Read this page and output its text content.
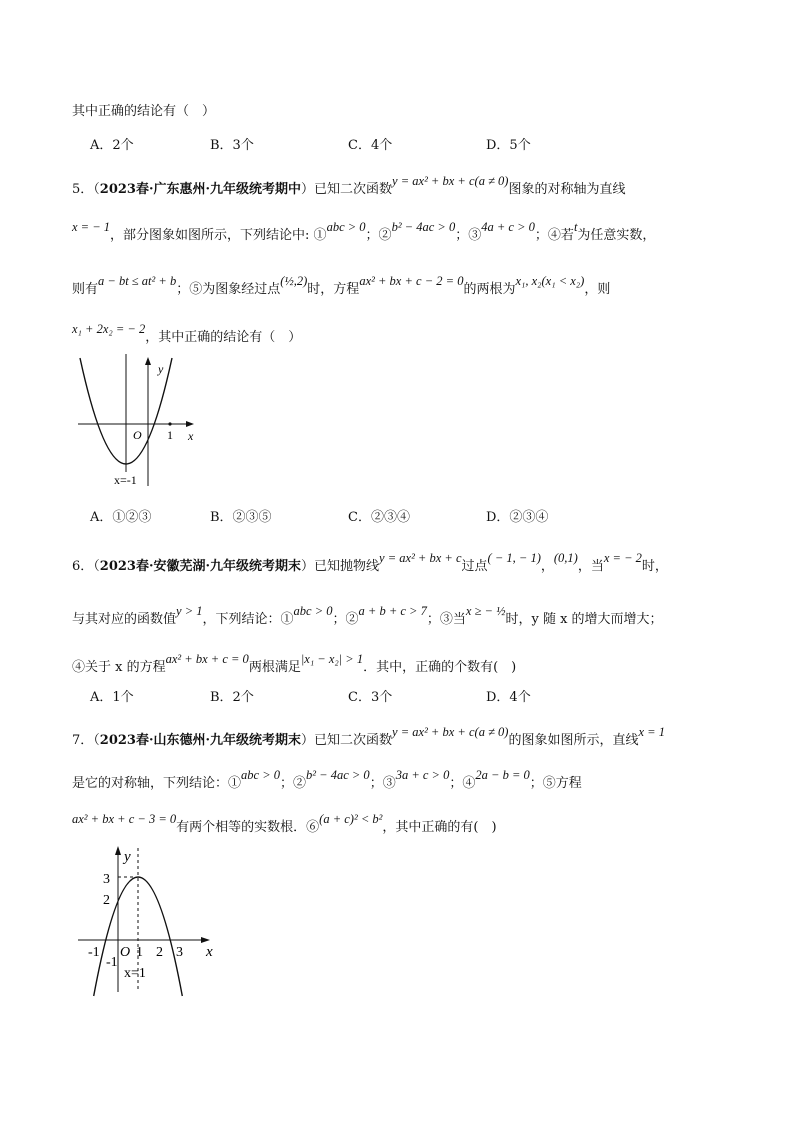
其中正确的结论有（　）
A．2个	B．3个	C．4个	D．5个
5．（2023春·广东惠州·九年级统考期中）已知二次函数y = ax² + bx + c(a ≠ 0)图象的对称轴为直线
x = − 1，部分图象如图所示，下列结论中: ①abc > 0；②b² − 4ac > 0；③4a + c > 0；④若t为任意实数，
则有a − bt ≤ at² + b；⑤为图象经过点(½,2)时，方程ax² + bx + c − 2 = 0的两根为x₁, x₂(x₁ < x₂)，则
x₁ + 2x₂ = − 2，其中正确的结论有（　）
y
x
O 1
x=-1
A．①②③	B．②③⑤	C．②③④	D．②③④
6．（2023春·安徽芜湖·九年级统考期末）已知抛物线y = ax² + bx + c过点( − 1, − 1)，(0,1)，当x = − 2时，
与其对应的函数值y > 1，下列结论：①abc > 0；②a + b + c > 7；③当x ≥ − ½时，y 随 x 的增大而增大；
④关于 x 的方程ax² + bx + c = 0两根满足|x₁ − x₂| > 1．其中，正确的个数有(　)
A．1个	B．2个	C．3个	D．4个
7．（2023春·山东德州·九年级统考期末）已知二次函数y = ax² + bx + c(a ≠ 0)的图象如图所示，直线x = 1
是它的对称轴，下列结论：①abc > 0；②b² − 4ac > 0；③3a + c > 0；④2a − b = 0；⑤方程
ax² + bx + c − 3 = 0有两个相等的实数根．⑥(a + c)² < b²，其中正确的有(　)
y
x
3
2
-1
-1 O 1 2 3
x=1
